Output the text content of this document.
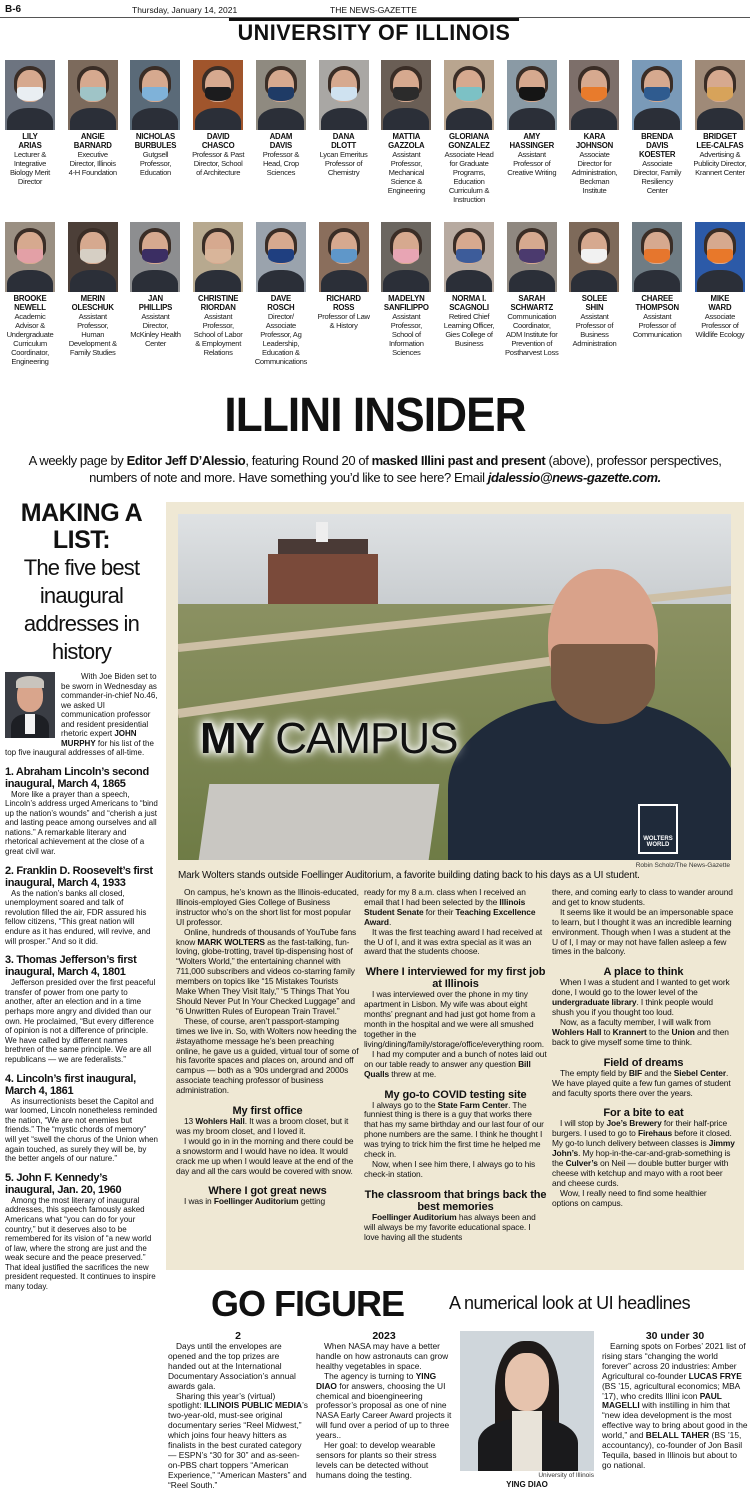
B-6	Thursday, January 14, 2021	THE NEWS-GAZETTE
UNIVERSITY OF ILLINOIS
LILY
ARIAS
Lecturer & Integrative Biology Merit Director
ANGIE
BARNARD
Executive Director, Illinois 4-H Foundation
NICHOLAS
BURBULES
Gutgsell Professor, Education
DAVID
CHASCO
Professor & Past Director, School of Architecture
ADAM
DAVIS
Professor & Head, Crop Sciences
DANA
DLOTT
Lycan Emeritus Professor of Chemistry
MATTIA
GAZZOLA
Assistant Professor, Mechanical Science & Engineering
GLORIANA
GONZALEZ
Associate Head for Graduate Programs, Education Curriculum & Instruction
AMY
HASSINGER
Assistant Professor of Creative Writing
KARA
JOHNSON
Associate Director for Administration, Beckman Institute
BRENDA
DAVIS KOESTER
Associate Director, Family Resiliency Center
BRIDGET
LEE-CALFAS
Advertising & Publicity Director, Krannert Center
BROOKE
NEWELL
Academic Advisor & Undergraduate Curriculum Coordinator, Engineering
MERIN
OLESCHUK
Assistant Professor, Human Development & Family Studies
JAN
PHILLIPS
Assistant Director, McKinley Health Center
CHRISTINE
RIORDAN
Assistant Professor, School of Labor & Employment Relations
DAVE
ROSCH
Director/ Associate Professor, Ag Leadership, Education & Communications
RICHARD
ROSS
Professor of Law & History
MADELYN
SANFILIPPO
Assistant Professor, School of Information Sciences
NORMA I.
SCAGNOLI
Retired Chief Learning Officer, Gies College of Business
SARAH
SCHWARTZ
Communication Coordinator, ADM Institute for Prevention of Postharvest Loss
SOLEE
SHIN
Assistant Professor of Business Administration
CHAREE
THOMPSON
Assistant Professor of Communication
MIKE
WARD
Associate Professor of Wildlife Ecology
ILLINI INSIDER
A weekly page by Editor Jeff D’Alessio, featuring Round 20 of masked Illini past and present (above), professor perspectives, numbers of note and more. Have something you’d like to see here? Email jdalessio@news-gazette.com.
MAKING A LIST:
The five best inaugural addresses in history
With Joe Biden set to be sworn in Wednesday as commander-in-chief No.46, we asked UI communication professor and resident presidential rhetoric expert JOHN MURPHY for his list of the top five inaugural addresses of all-time.
1. Abraham Lincoln’s second inaugural, March 4, 1865
More like a prayer than a speech, Lincoln’s address urged Americans to “bind up the nation’s wounds” and “cherish a just and lasting peace among ourselves and all nations.” A remarkable literary and rhetorical achievement at the close of a great civil war.
2. Franklin D. Roosevelt’s first inaugural, March 4, 1933
As the nation’s banks all closed, unemployment soared and talk of revolution filled the air, FDR assured his fellow citizens, “This great nation will endure as it has endured, will revive, and will prosper.” And so it did.
3. Thomas Jefferson’s first inaugural, March 4, 1801
Jefferson presided over the first peaceful transfer of power from one party to another, after an election and in a time perhaps more angry and divided than our own. He proclaimed, “But every difference of opinion is not a difference of principle. We have called by different names brethren of the same principle. We are all republicans — we are federalists.”
4. Lincoln’s first inaugural, March 4, 1861
As insurrectionists beset the Capitol and war loomed, Lincoln nonetheless reminded the nation, “We are not enemies but friends.” The “mystic chords of memory” will yet “swell the chorus of the Union when again touched, as surely they will be, by the better angels of our nature.”
5. John F. Kennedy’s inaugural, Jan. 20, 1960
Among the most literary of inaugural addresses, this speech famously asked Americans what “you can do for your country,” but it deserves also to be remembered for its vision of “a new world of law, where the strong are just and the weak secure and the peace preserved.” That ideal justified the sacrifices the new president requested. It continues to inspire many today.
WOLTERS WORLD
MY CAMPUS
Robin Scholz/The News-Gazette
Mark Wolters stands outside Foellinger Auditorium, a favorite building dating back to his days as a UI student.

On campus, he’s known as the Illinois-educated, Illinois-employed Gies College of Business instructor who’s on the short list for most popular UI professor.

Online, hundreds of thousands of YouTube fans know MARK WOLTERS as the fast-talking, fun-loving, globe-trotting, travel tip-dispensing host of “Wolters World,” the entertaining channel with 711,000 subscribers and videos co-starring family members on topics like “15 Mistakes Tourists Make When They Visit Italy,” “5 Things That You Should Never Put In Your Checked Luggage” and “6 Unwritten Rules of European Train Travel.”

These, of course, aren’t passport-stamping times we live in. So, with Wolters now heeding the #stayathome message he’s been preaching online, he gave us a guided, virtual tour of some of his favorite spaces and places on, around and off campus — both as a ’90s undergrad and 2000s associate teaching professor of business administration.

My first office

13 Wohlers Hall. It was a broom closet, but it was my broom closet, and I loved it.

I would go in in the morning and there could be a snowstorm and I would have no idea. It would crack me up when I would leave at the end of the day and all the cars would be covered with snow.

Where I got great news

I was in Foellinger Auditorium getting

ready for my 8 a.m. class when I received an email that I had been selected by the Illinois Student Senate for their Teaching Excellence Award.

It was the first teaching award I had received at the U of I, and it was extra special as it was an award that the students choose.

Where I interviewed for my first job at Illinois

I was interviewed over the phone in my tiny apartment in Lisbon. My wife was about eight months’ pregnant and had just got home from a month in the hospital and we were all smushed together in the living/dining/family/storage/office/everything room.

I had my computer and a bunch of notes laid out on our table ready to answer any question Bill Qualls threw at me.

My go-to COVID testing site

I always go to the State Farm Center. The funniest thing is there is a guy that works there that has my same birthday and our last four of our phone numbers are the same. I think he thought I was trying to trick him the first time he helped me check in.

Now, when I see him there, I always go to his check-in station.

The classroom that brings back the best memories

Foellinger Auditorium has always been and will always be my favorite educational space. I love having all the students

there, and coming early to class to wander around and get to know students.

It seems like it would be an impersonable space to learn, but I thought it was an incredible learning environment. Though when I was a student at the U of I, I may or may not have fallen asleep a few times in the balcony.

A place to think

When I was a student and I wanted to get work done, I would go to the lower level of the undergraduate library. I think people would shush you if you thought too loud.

Now, as a faculty member, I will walk from Wohlers Hall to Krannert to the Union and then back to give myself some time to think.

Field of dreams

The empty field by BIF and the Siebel Center. We have played quite a few fun games of student and faculty sports there over the years.

For a bite to eat

I will stop by Joe’s Brewery for their half-price burgers. I used to go to Firehaus before it closed. My go-to lunch delivery between classes is Jimmy John’s. My hop-in-the-car-and-grab-something is the Culver’s on Neil — double butter burger with cheese with ketchup and mayo with a root beer and cheese curds.

Wow, I really need to find some healthier options on campus.

GO FIGURE A numerical look at UI headlines
2

Days until the envelopes are opened and the top prizes are handed out at the International Documentary Association’s annual awards gala.

Sharing this year’s (virtual) spotlight: ILLINOIS PUBLIC MEDIA’s two-year-old, must-see original documentary series “Reel Midwest,” which joins four heavy hitters as finalists in the best curated category — ESPN’s “30 for 30” and as-seen-on-PBS chart toppers “American Experience,” “American Masters” and “Reel South.”

2023

When NASA may have a better handle on how astronauts can grow healthy vegetables in space.

The agency is turning to YING DIAO for answers, choosing the UI chemical and bioengineering professor’s proposal as one of nine NASA Early Career Award projects it will fund over a period of up to three years..

Her goal: to develop wearable sensors for plants so their stress levels can be detected without humans doing the testing.	University of Illinois
YING DIAO
30 under 30

Earning spots on Forbes’ 2021 list of rising stars “changing the world forever” across 20 industries: Amber Agricultural co-founder LUCAS FRYE (BS ’15, agricultural economics; MBA ’17), who credits Illini icon PAUL MAGELLI with instilling in him that “new idea development is the most effective way to bring about good in the world,” and BELALL TAHER (BS ’15, accountancy), co-founder of Jon Basil Tequila, based in Illinois but about to go national.
